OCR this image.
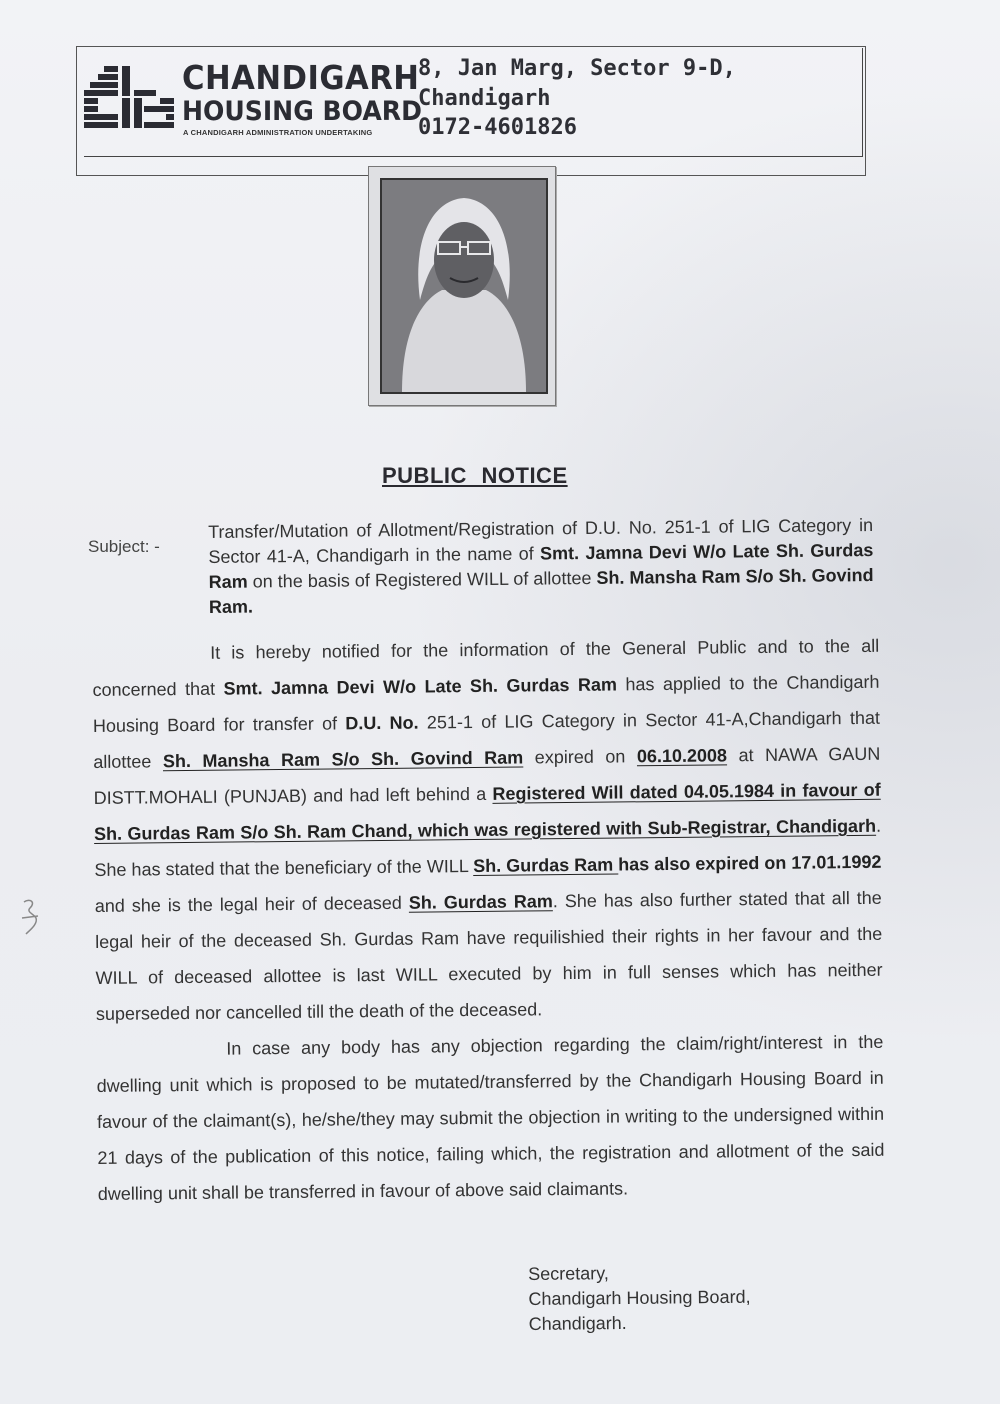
CHANDIGARH
HOUSING BOARD
A CHANDIGARH ADMINISTRATION UNDERTAKING
8, Jan Marg, Sector 9-D,
Chandigarh
0172-4601826
PUBLIC NOTICE
Subject: -
Transfer/Mutation of Allotment/Registration of D.U. No. 251-1 of LIG Category in Sector 41-A, Chandigarh in the name of Smt. Jamna Devi W/o Late Sh. Gurdas Ram on the basis of Registered WILL of allottee Sh. Mansha Ram S/o Sh. Govind Ram.

It is hereby notified for the information of the General Public and to the all concerned that Smt. Jamna Devi W/o Late Sh. Gurdas Ram has applied to the Chandigarh Housing Board for transfer of D.U. No. 251-1 of LIG Category in Sector 41-A,Chandigarh that allottee Sh. Mansha Ram S/o Sh. Govind Ram expired on 06.10.2008 at NAWA GAUN DISTT.MOHALI (PUNJAB) and had left behind a Registered Will dated 04.05.1984 in favour of Sh. Gurdas Ram S/o Sh. Ram Chand, which was registered with Sub-Registrar, Chandigarh. She has stated that the beneficiary of the WILL Sh. Gurdas Ram has also expired on 17.01.1992 and she is the legal heir of deceased Sh. Gurdas Ram. She has also further stated that all the legal heir of the deceased Sh. Gurdas Ram have requilishied their rights in her favour and the WILL of deceased allottee is last WILL executed by him in full senses which has neither superseded nor cancelled till the death of the deceased.

In case any body has any objection regarding the claim/right/interest in the dwelling unit which is proposed to be mutated/transferred by the Chandigarh Housing Board in favour of the claimant(s), he/she/they may submit the objection in writing to the undersigned within 21 days of the publication of this notice, failing which, the registration and allotment of the said dwelling unit shall be transferred in favour of above said claimants.

Secretary,
Chandigarh Housing Board,
Chandigarh.
